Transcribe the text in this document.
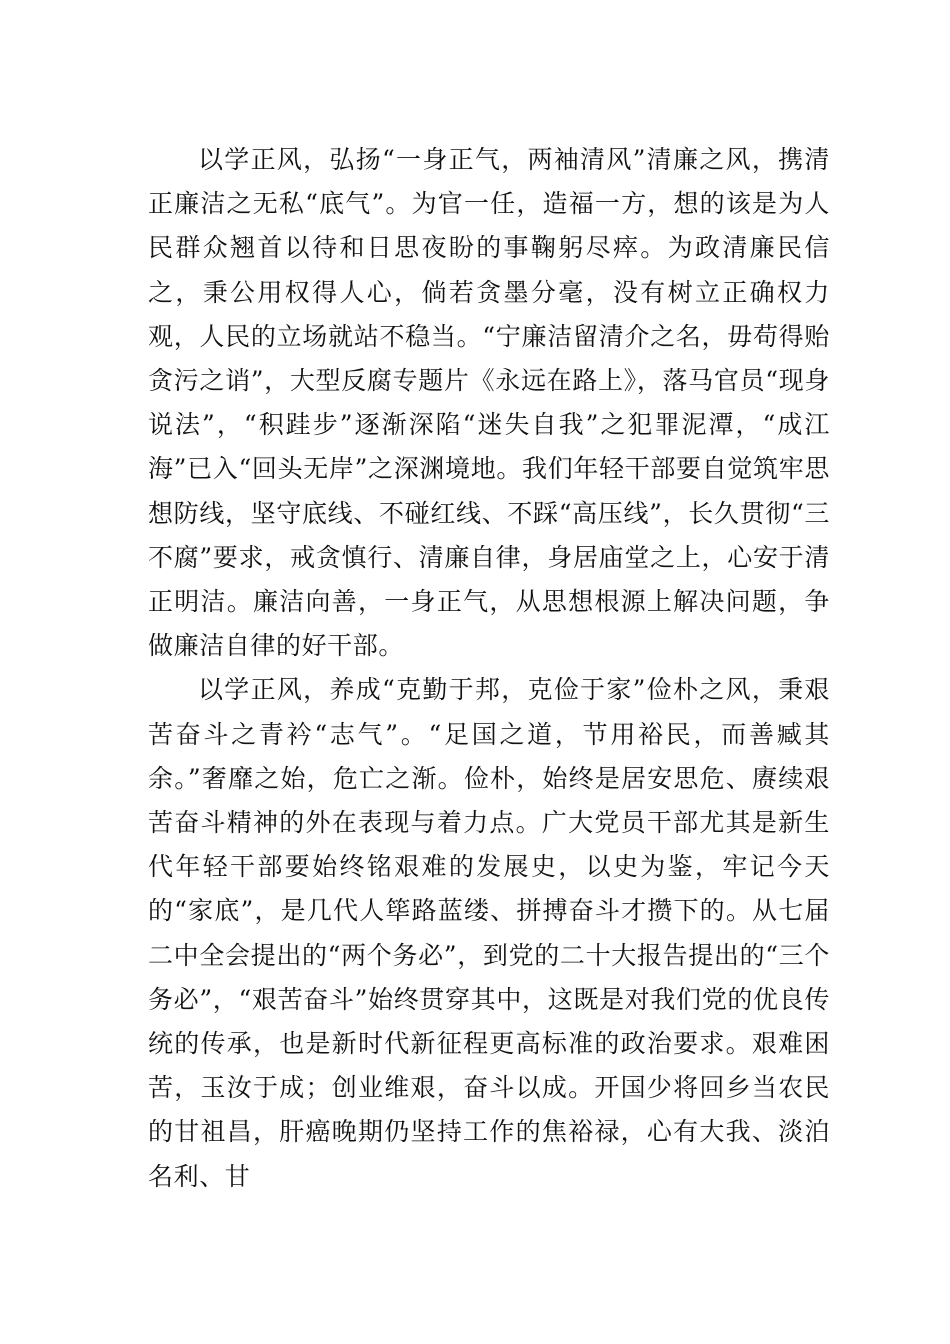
以学正风，弘扬“一身正气，两袖清风”清廉之风，携清正廉洁之无私“底气”。为官一任，造福一方，想的该是为人民群众翘首以待和日思夜盼的事鞠躬尽瘁。为政清廉民信之，秉公用权得人心，倘若贪墨分毫，没有树立正确权力观，人民的立场就站不稳当。“宁廉洁留清介之名，毋苟得贻贪污之诮”，大型反腐专题片《永远在路上》，落马官员“现身说法”，“积跬步”逐渐深陷“迷失自我”之犯罪泥潭，“成江海”已入“回头无岸”之深渊境地。我们年轻干部要自觉筑牢思想防线，坚守底线、不碰红线、不踩“高压线”，长久贯彻“三不腐”要求，戒贪慎行、清廉自律，身居庙堂之上，心安于清正明洁。廉洁向善，一身正气，从思想根源上解决问题，争做廉洁自律的好干部。

以学正风，养成“克勤于邦，克俭于家”俭朴之风，秉艰苦奋斗之青衿“志气”。“足国之道，节用裕民，而善臧其余。”奢靡之始，危亡之渐。俭朴，始终是居安思危、赓续艰苦奋斗精神的外在表现与着力点。广大党员干部尤其是新生代年轻干部要始终铭艰难的发展史，以史为鉴，牢记今天的“家底”，是几代人筚路蓝缕、拼搏奋斗才攒下的。从七届二中全会提出的“两个务必”，到党的二十大报告提出的“三个务必”，“艰苦奋斗”始终贯穿其中，这既是对我们党的优良传统的传承，也是新时代新征程更高标准的政治要求。艰难困苦，玉汝于成；创业维艰，奋斗以成。开国少将回乡当农民的甘祖昌，肝癌晚期仍坚持工作的焦裕禄，心有大我、淡泊名利、甘
